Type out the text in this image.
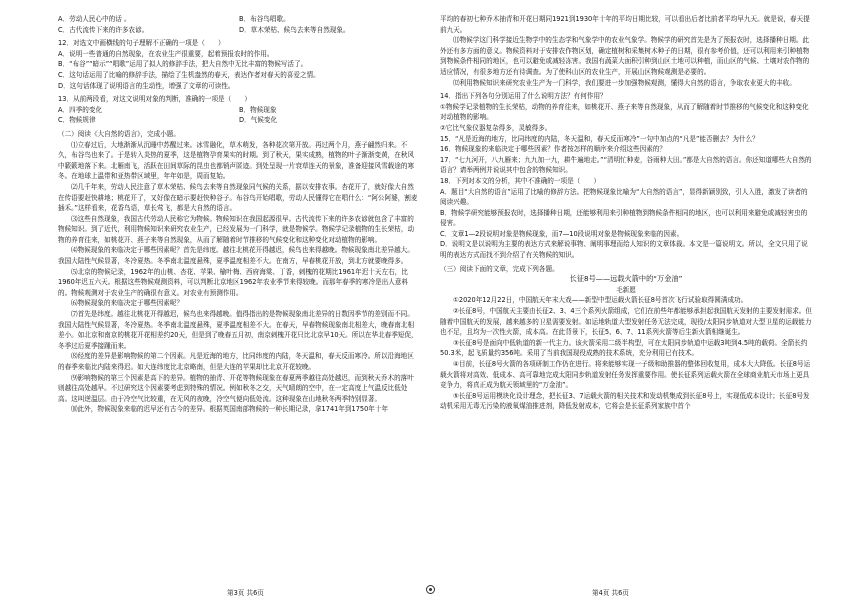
A．劳动人民心中的话 。	B．布谷鸟唱歌。
C．古代流传下来的许多农谚。	D．草木荣枯、候鸟去来等自然现象。

12．对选文中画横线的句子理解不正确的一项是（　　）

A．说明一些普通的自然现象，在农业生产很重要，起着预报农时的作用。

B．“布谷”“暗示”“唱歌”运用了拟人的修辞手法，把大自然中无比丰富的物候写活了。

C．这句话运用了比喻的修辞手法，描绘了生机盎然的春天，表达作者对春天的喜爱之情。

D．这句话体现了说明语言的生动性，增强了文章的可读性。

13．从前两段看，对这文说明对象的判断，准确的一项是（　　）

A．四季的变化	B．物候现象
C．物候规律	D．气候变化

（二）阅读《大自然的语言》，完成小题。

⑴立春过后，大地渐渐从沉睡中苏醒过来。冰雪融化，草木萌发，各种花次第开放。再过两个月，燕子翩然归来。不久，布谷鸟也来了。于是转入炎热的夏季，这是植物孕育果实的时期。到了秋天，果实成熟，植物的叶子渐渐变黄，在秋风中簌簌地落下来。北雁南飞，活跃在田间草际的昆虫也都销声匿迹。到处呈现一片衰草连天的景象，准备迎接风雪载途的寒冬。在地球上温带和亚热带区域里，年年如是，周而复始。

⑵几千年来，劳动人民注意了草木荣枯、候鸟去来等自然现象同气候的关系，据以安排农事。杏花开了，就好像大自然在传语要赶快耕地；桃花开了，又好像在暗示要赶快种谷子。布谷鸟开始唱歌，劳动人民懂得它在唱什么：“阿公阿婆，割麦插禾。”这样看来，花香鸟语，草长莺飞，都是大自然的语言。

⑶这些自然现象，我国古代劳动人民称它为物候。物候知识在我国起源很早。古代流传下来的许多农谚就包含了丰富的物候知识。到了近代，利用物候知识来研究农业生产，已经发展为一门科学，就是物候学。物候学记录植物的生长荣枯，动物的养育往来，如桃花开、燕子来等自然现象，从而了解随着时节推移的气候变化和这种变化对动植物的影响。

⑷物候现象的来临决定于哪些因素呢？首先是纬度。越往北桃花开得越迟，候鸟也来得越晚。物候现象南北差异越大。我国大陆性气候显著，冬冷夏热。冬季南北温度悬殊，夏季温度相差不大。在南方，早春桃花开放，到北方就要晚得多。

⑸北京的物候记录，1962年的山桃、杏花、苹果、榆叶梅、西府海棠、丁香，刺槐的花期比1961年迟十天左右，比1960年迟五六天。根据这些物候观测资料，可以判断北京地区1962年农业季节来得较晚。而那年春季的寒冷是出人意料的。物候观测对于农业生产的确很有意义。对农业有预测作用。

⑹物候现象的来临决定于哪些因素呢？

⑺首先是纬度。越往北桃花开得越迟，候鸟也来得越晚。值得指出的是物候现象南北差异的日数因季节的差别而不同。我国大陆性气候显著，冬冷夏热。冬季南北温度悬殊，夏季温度相差不大。在春天，早春物候现象南北相差大，晚春南北相差小。如北京和南京的桃花开花相差约20天，但是到了晚春五月初，南京刺槐开花只比北京早10天。所以在华北春季短促，冬季过后夏季接踵而来。

⑻经度的差异是影响物候的第二个因素。凡是近海的地方，比同纬度的内陆，冬天温和，春天反而寒冷。所以沿海地区的春季来临比内陆来得迟。如大连纬度比北京略南，但是大连的苹果却比北京开花较晚。

⑼影响物候的第三个因素是高下的差异。植物的抽青、开花等物候现象在春夏两季越往高处越迟，而到秋天乔木的落叶则越往高处越早。不过研究这个因素要考虑到特殊的情况。例如秋冬之交，天气晴朗的空中，在一定高度上气温反比低处高。这叫逆温层。由于冷空气比较重，在无风的夜晚，冷空气便向低处流。这种现象在山地秋冬两季特别显著。

⑽此外，物候现象来临的迟早还有古今的差异。根据英国南部物候的一种长期记录，拿1741年到1750年十年

平均的春初七种乔木抽青和开花日期同1921到1930年十年的平均日期比较，可以看出后者比前者平均早九天。就是说，春天提前九天。

⑾物候学这门科学接近生物学中的生态学和气象学中的农业气象学。物候学的研究首先是为了预报农时，选择播种日期。此外还有多方面的意义。物候资料对于安排农作物区划，确定植树和采集树木种子的日期，很有参考价值，还可以利用来引种植物到物候条件相同的地区，也可以避免或减轻冻害。我国有蔬菜大面积引种到山区土地可以种植，而山区的气候、土壤对农作物的适应情况，有很多地方还有待调查。为了使科山区的农业生产，开展山区物候观测是必要的。

⑿利用物候知识来研究农业生产为一门科学，我们要进一步加强物候观测，懂得大自然的语言，争取农业更大的丰收。

14．指出下列各句分别运用了什么说明方法？有何作用？

①物候学记录植物的生长荣枯，动物的养育往来，如桃花开、燕子来等自然现象，从而了解随着时节推移的气候变化和这种变化对动植物的影响。

②它比气象仪器复杂得多，灵敏得多。

15．“凡是近海的地方，比同纬度的内陆，冬天温和，春天反而寒冷”一句中加点的“凡是”能否删去？为什么？

16．物候现象的来临决定于哪些因素？作者按怎样的顺序来介绍这些因素的？

17．“七九河开，八九雁来；九九加一九，耕牛遍地走。”“清明忙种麦，谷雨种大田。”都是大自然的语言。你还知道哪些大自然的语言？请举两例并说说其中包含的物候知识。

18．下列对本文的分析，其中不准确的一项是（　　）

A．题目“大自然的语言”运用了比喻的修辞方法。把物候现象比喻为“大自然的语言”，显得新颖别致，引人入胜，激发了读者的阅读兴趣。

B．物候学研究能够预报农时，选择播种日期，还能够利用来引种植物到物候条件相同的地区，也可以利用来避免或减轻害虫的侵害。

C．文章1—2段说明对象是物候现象，而7—10段说明对象是物候现象来临的因素。

D．说明文是以说明为主要的表达方式来解说事物、阐明事理而给人知识的文章体裁。本文是一篇说明文。所以，全文只用了说明的表达方式而找不到介绍了有关物候的知识。

（三）阅读下面的文章，完成下列各题。

长征8号——远载火箭中的“万金油”

毛新愿

①2020年12月22日，中国航天年末大戏——新型中型运载火箭长征8号首次飞行试验取得圆满成功。

②长征8号，中国航天主要由长征2、3、4三个系列火箭组成，它们在前些年都能够承担起我国航天发射的主要发射需求。但随着中国航天的发展，越来越多的卫星需要发射。如运地轨道大型发射任务无法完成，现役/太阳同步轨道对大型卫星的运载能力也不足，且均为一次性火箭，成本高。在此背景下，长征5、6、7、11系列火箭等后生新火箭相继诞生。

③长征8号是面向中低轨道的新一代主力。该火箭采用二级半构型，可在太阳同步轨道中运载3吨到4.5吨的载荷。全箭长约50.3米，起飞质量约356吨。采用了当前我国现役成熟的技术系统，充分利用已有技术。

④目前，长征8号火箭的各项研制工作仍在进行。将来能够实现一子级和助推器的整体回收复用，成本大大降低。长征8号运载火箭将对高效、低成本、高可靠地完成太阳同步轨道发射任务发挥重要作用。使长征系列运载火箭在全球商业航天市场上更具竞争力，将真正成为航天领域里的“万金油”。

⑤长征8号运用模块化设计理念，把长征3、7运载火箭的相关技术和发动机集成到长征8号上，实现低成本设计；长征8号发动机采用无毒无污染的液氧煤油推进剂，降低发射成本，它将会是长征系列家族中首个

第3页 共6页	第4页 共6页
